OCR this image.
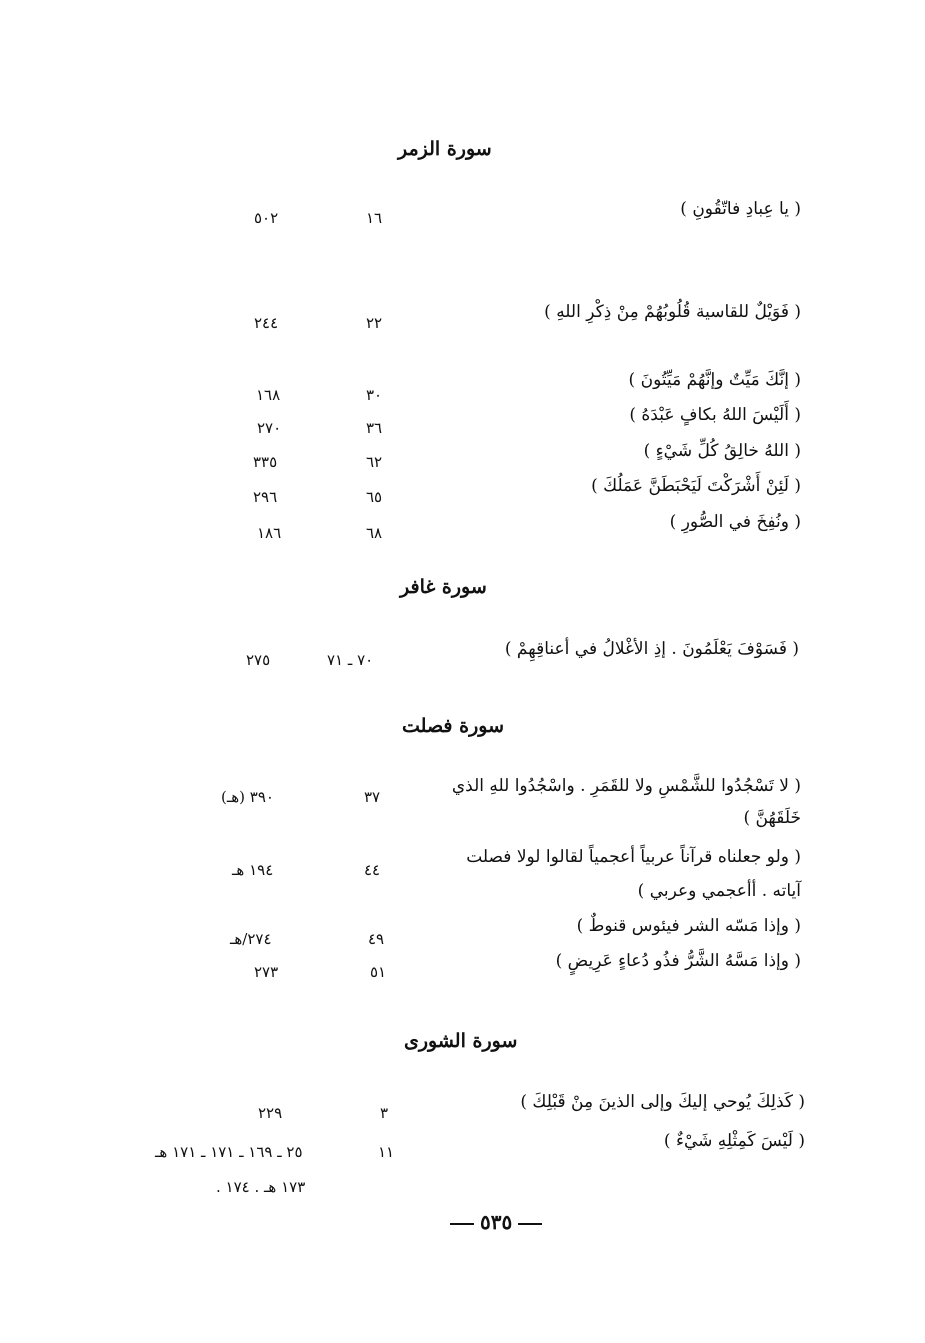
سورة الزمر
( يا عِبادِ فاتّقُونِ )
١٦
٥٠٢
( فَوَيْلٌ للقاسية قُلُوبُهُمْ مِنْ ذِكْرِ اللهِ )
٢٢
٢٤٤
( إنَّكَ مَيِّتٌ وإنَّهُمْ مَيِّتُونَ )
٣٠
١٦٨
( أَلَيْسَ اللهُ بكافٍ عَبْدَهُ )
٣٦
٢٧٠
( اللهُ خالِقُ كُلِّ شَيْءٍ )
٦٢
٣٣٥
( لَئِنْ أَشْرَكْتَ لَيَحْبَطَنَّ عَمَلُكَ )
٦٥
٢٩٦
( ونُفِخَ في الصُّورِ )
٦٨
١٨٦
سورة غافر
( فَسَوْفَ يَعْلَمُونَ . إذِ الأغْلالُ في أعناقِهِمْ )
٧٠ ـ ٧١
٢٧٥
سورة فصلت
( لا تَسْجُدُوا للشَّمْسِ ولا للقَمَرِ . واسْجُدُوا للهِ الذي
خَلَقَهُنَّ )
٣٧
٣٩٠ (هـ)
( ولو جعلناه قرآناً عربياً أعجمياً لقالوا لولا فصلت
آياته . أأعجمي وعربي )
٤٤
١٩٤ هـ
( وإذا مَسّه الشر فيئوس قنوطٌ )
٤٩
٢٧٤/هـ
( وإذا مَسَّهُ الشَّرُّ فذُو دُعاءٍ عَرِيضٍ )
٥١
٢٧٣
سورة الشورى
( كَذلِكَ يُوحي إليكَ وإلى الذينَ مِنْ قَبْلِكَ )
٣
٢٢٩
( لَيْسَ كَمِثْلِهِ شَيْءٌ )
١١
٢٥ ـ ١٦٩ ـ ١٧١ ـ ١٧١ هـ
١٧٣ هـ . ١٧٤ .
٥٣٥
